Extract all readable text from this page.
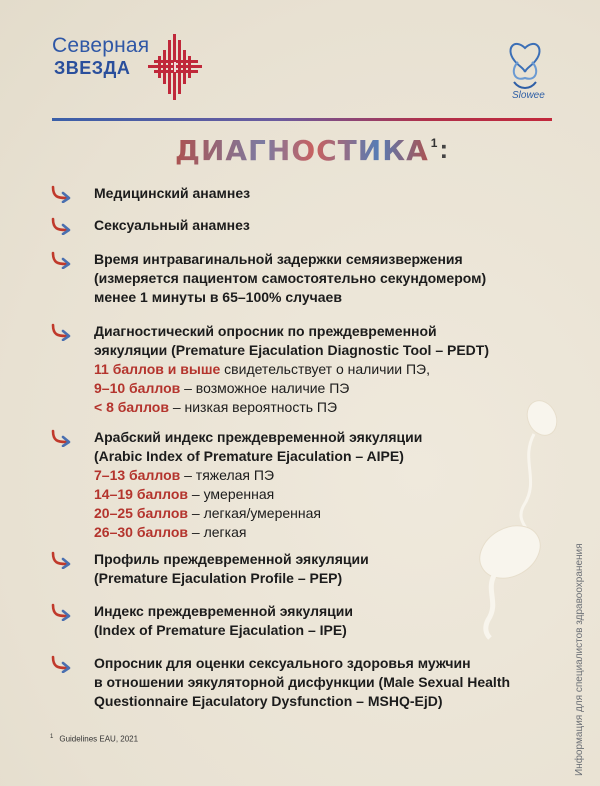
Северная
ЗВЕЗДА
Slowee
ДИАГНОСТИКА 1 :
Медицинский анамнез
Сексуальный анамнез
Время интравагинальной задержки семяизвержения
(измеряется пациентом самостоятельно секундомером)
менее 1 минуты в 65–100% случаев
Диагностический опросник по преждевременной
эякуляции (Premature Ejaculation Diagnostic Tool – PEDT)
11 баллов и выше свидетельствует о наличии ПЭ,
9–10 баллов – возможное наличие ПЭ
< 8 баллов – низкая вероятность ПЭ
Арабский индекс преждевременной эякуляции
(Arabic Index of Premature Ejaculation – AIPE)
7–13 баллов – тяжелая ПЭ
14–19 баллов – умеренная
20–25 баллов – легкая/умеренная
26–30 баллов – легкая
Профиль преждевременной эякуляции
(Premature Ejaculation Profile – PEP)
Индекс преждевременной эякуляции
(Index of Premature Ejaculation – IPE)
Опросник для оценки сексуального здоровья мужчин
в отношении эякуляторной дисфункции (Male Sexual Health
Questionnaire Ejaculatory Dysfunction – MSHQ-EjD)
$^1$ Guidelines EAU, 2021	Информация для специалистов здравоохранения
